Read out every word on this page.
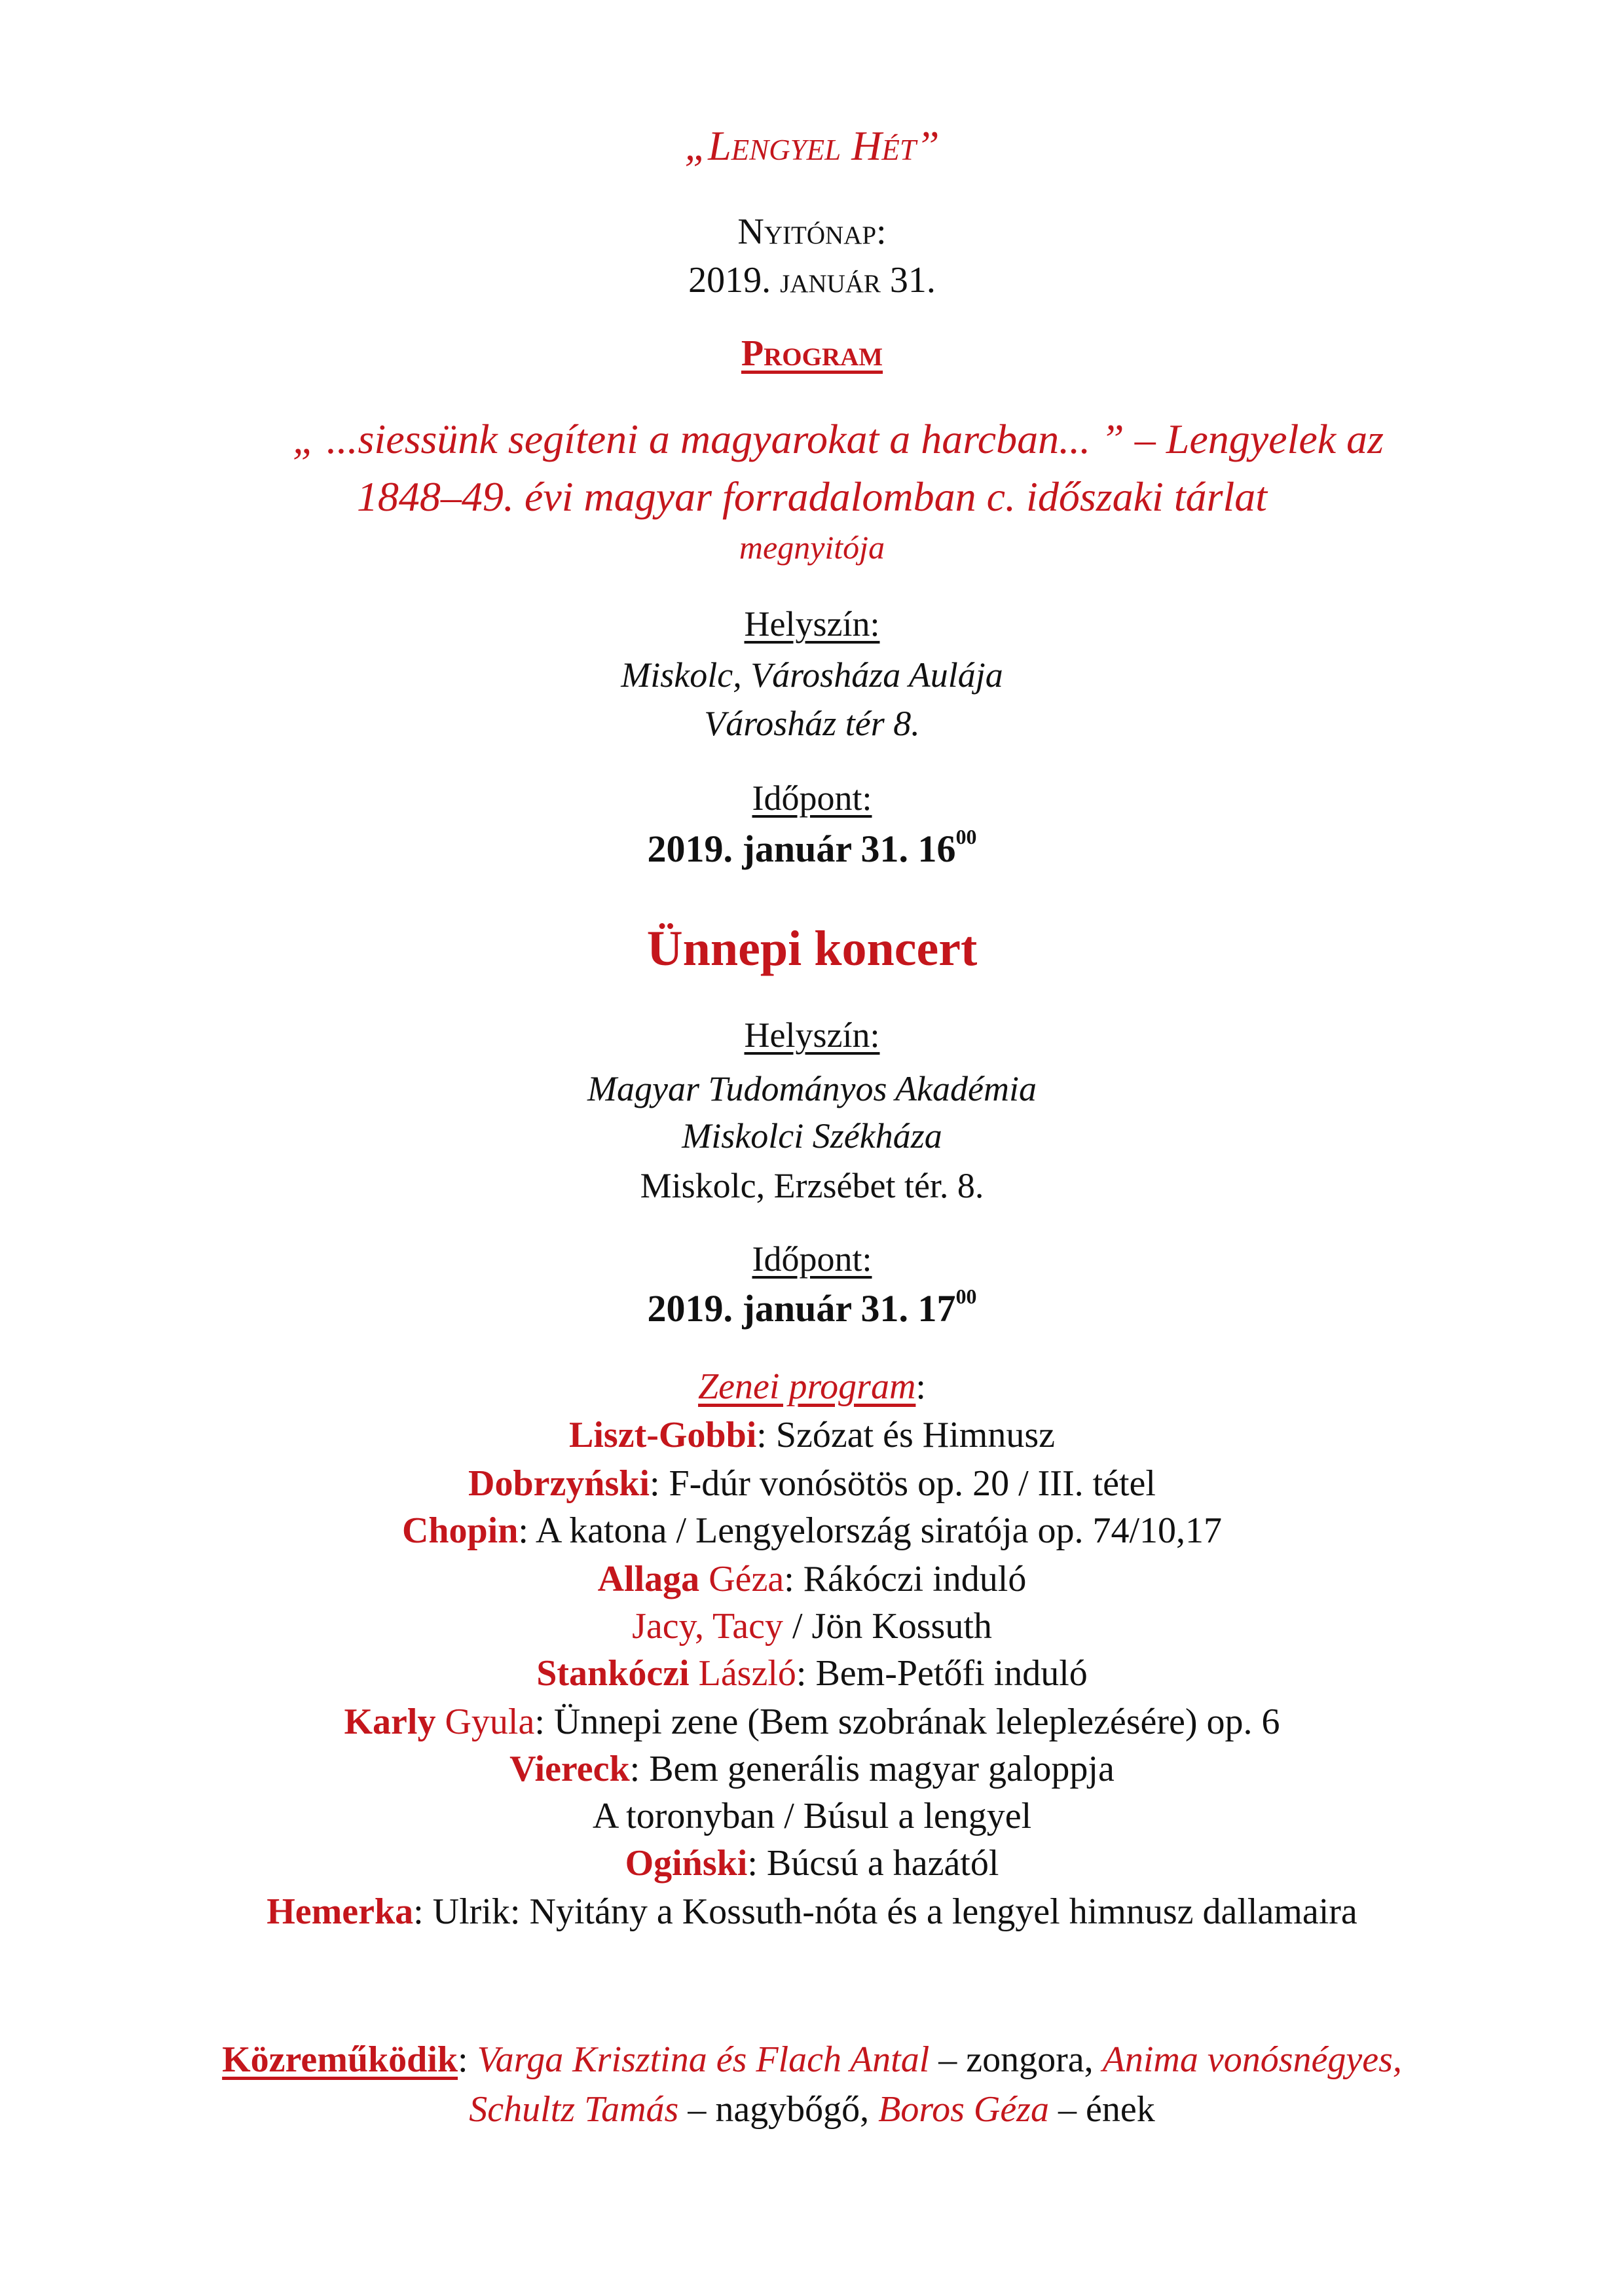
„Lengyel Hét”
Nyitónap:
2019. január 31.
Program
„ ...siessünk segíteni a magyarokat a harcban... ” – Lengyelek az
1848–49. évi magyar forradalomban c. időszaki tárlat
megnyitója
Helyszín:
Miskolc, Városháza Aulája
Városház tér 8.
Időpont:
2019. január 31. $16^{00}$
Ünnepi koncert
Helyszín:
Magyar Tudományos Akadémia
Miskolci Székháza
Miskolc, Erzsébet tér. 8.
Időpont:
2019. január 31. $17^{00}$
Zenei program:
Liszt-Gobbi: Szózat és Himnusz
Dobrzyński: F-dúr vonósötös op. 20 / III. tétel
Chopin: A katona / Lengyelország siratója op. 74/10,17
Allaga Géza: Rákóczi induló
Jacy, Tacy / Jön Kossuth
Stankóczi László: Bem-Petőfi induló
Karly Gyula: Ünnepi zene (Bem szobrának leleplezésére) op. 6
Viereck: Bem generális magyar galoppja
A toronyban / Búsul a lengyel
Ogiński: Búcsú a hazától
Hemerka: Ulrik: Nyitány a Kossuth-nóta és a lengyel himnusz dallamaira
Közreműködik: Varga Krisztina és Flach Antal – zongora, Anima vonósnégyes,
Schultz Tamás – nagybőgő, Boros Géza – ének
